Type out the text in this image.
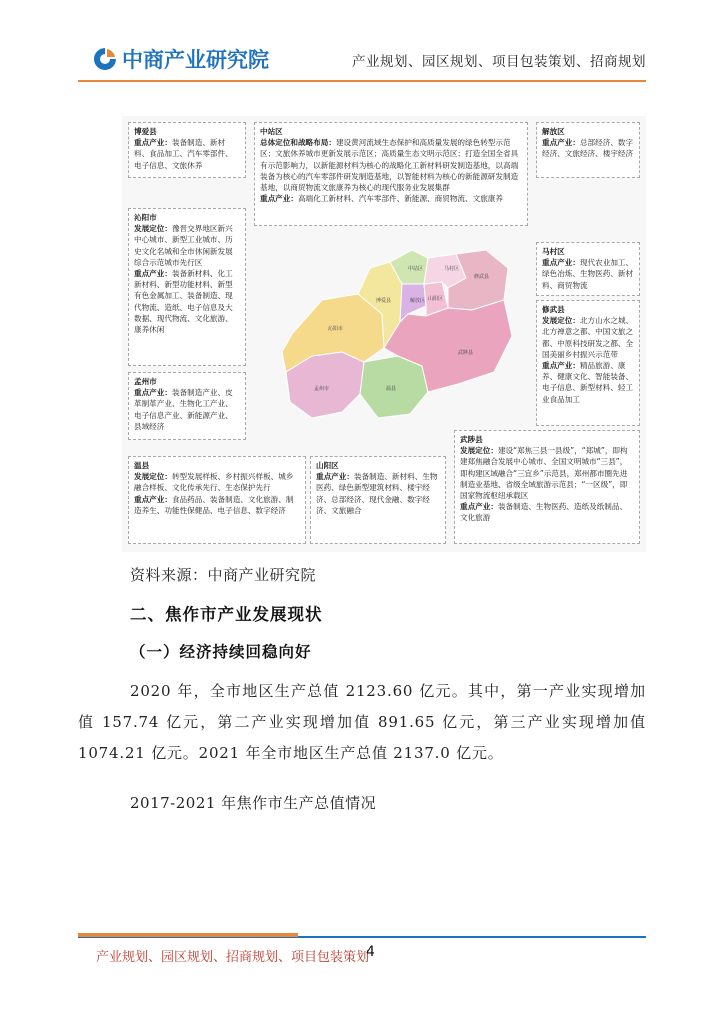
中商产业研究院	产业规划、园区规划、项目包装策划、招商规划
博爱县
重点产业：装备制造、新材料、食品加工、汽车零部件、电子信息、文旅休养
中站区
总体定位和战略布局：建设黄河流域生态保护和高质量发展的绿色转型示范区；文旅休养城市更新发展示范区；高质量生态文明示范区；打造全国全省具有示范影响力，以新能源材料为核心的战略化工新材料研发制造基地，以高端装备为核心的汽车零部件研发制造基地，以智能材料为核心的新能源研发制造基地，以商贸物流文旅康养为核心的现代服务业发展集群
重点产业：高端化工新材料、汽车零部件、新能源、商贸物流、文旅康养
解放区
重点产业：总部经济、数字经济、文旅经济、楼宇经济
沁阳市
发展定位：豫晋交界地区新兴中心城市、新型工业城市、历史文化名城和全市休闲新发展综合示范城市先行区
重点产业：装备新材料、化工新材料、新型功能材料、新型有色金属加工、装备制造、现代物流、造纸、电子信息及大数据、现代物流、文化旅游、康养休闲
马村区
重点产业：现代农业加工、绿色冶炼、生物医药、新材料、商贸物流
修武县
发展定位：北方山水之城、北方禅意之都、中国文旅之都、中原科技研发之都、全国美丽乡村振兴示范带
重点产业：精品旅游、康养、健康文化、智能装备、电子信息、新型材料、轻工业食品加工
孟州市
重点产业：装备制造产业、皮革制革产业、生物化工产业、电子信息产业、新能源产业、县域经济
温县
发展定位：转型发展样板、乡村振兴样板、城乡融合样板、文化传承先行、生态保护先行
重点产业：食品药品、装备制造、文化旅游、制造养生、功能性保健品、电子信息、数字经济
山阳区
重点产业：装备制造、新材料、生物医药、绿色新型建筑材料、楼宇经济、总部经济、现代金融、数字经济、文旅融合
武陟县
发展定位：建设“郑焦三县一县级”，“郑城”，即构建郑焦融合发展中心城市、全国文明城市“三县”，即构建区域融合“三宜乡”示范县，郑州都市圈先进制造业基地、省级全域旅游示范县；“一区级”，即国家物流枢纽承载区
重点产业：装备制造、生物医药、造纸及纸制品、文化旅游
解放区
中站区	马村区
山阳区
博爱县
修武县
沁阳市
武陟县
温县
孟州市
资料来源：中商产业研究院
二、焦作市产业发展现状
（一）经济持续回稳向好
2020 年，全市地区生产总值 2123.60 亿元。其中，第一产业实现增加值 157.74 亿元，第二产业实现增加值 891.65 亿元，第三产业实现增加值 1074.21 亿元。2021 年全市地区生产总值 2137.0 亿元。
2017-2021 年焦作市生产总值情况
产业规划、园区规划、招商规划、项目包装策划
4
